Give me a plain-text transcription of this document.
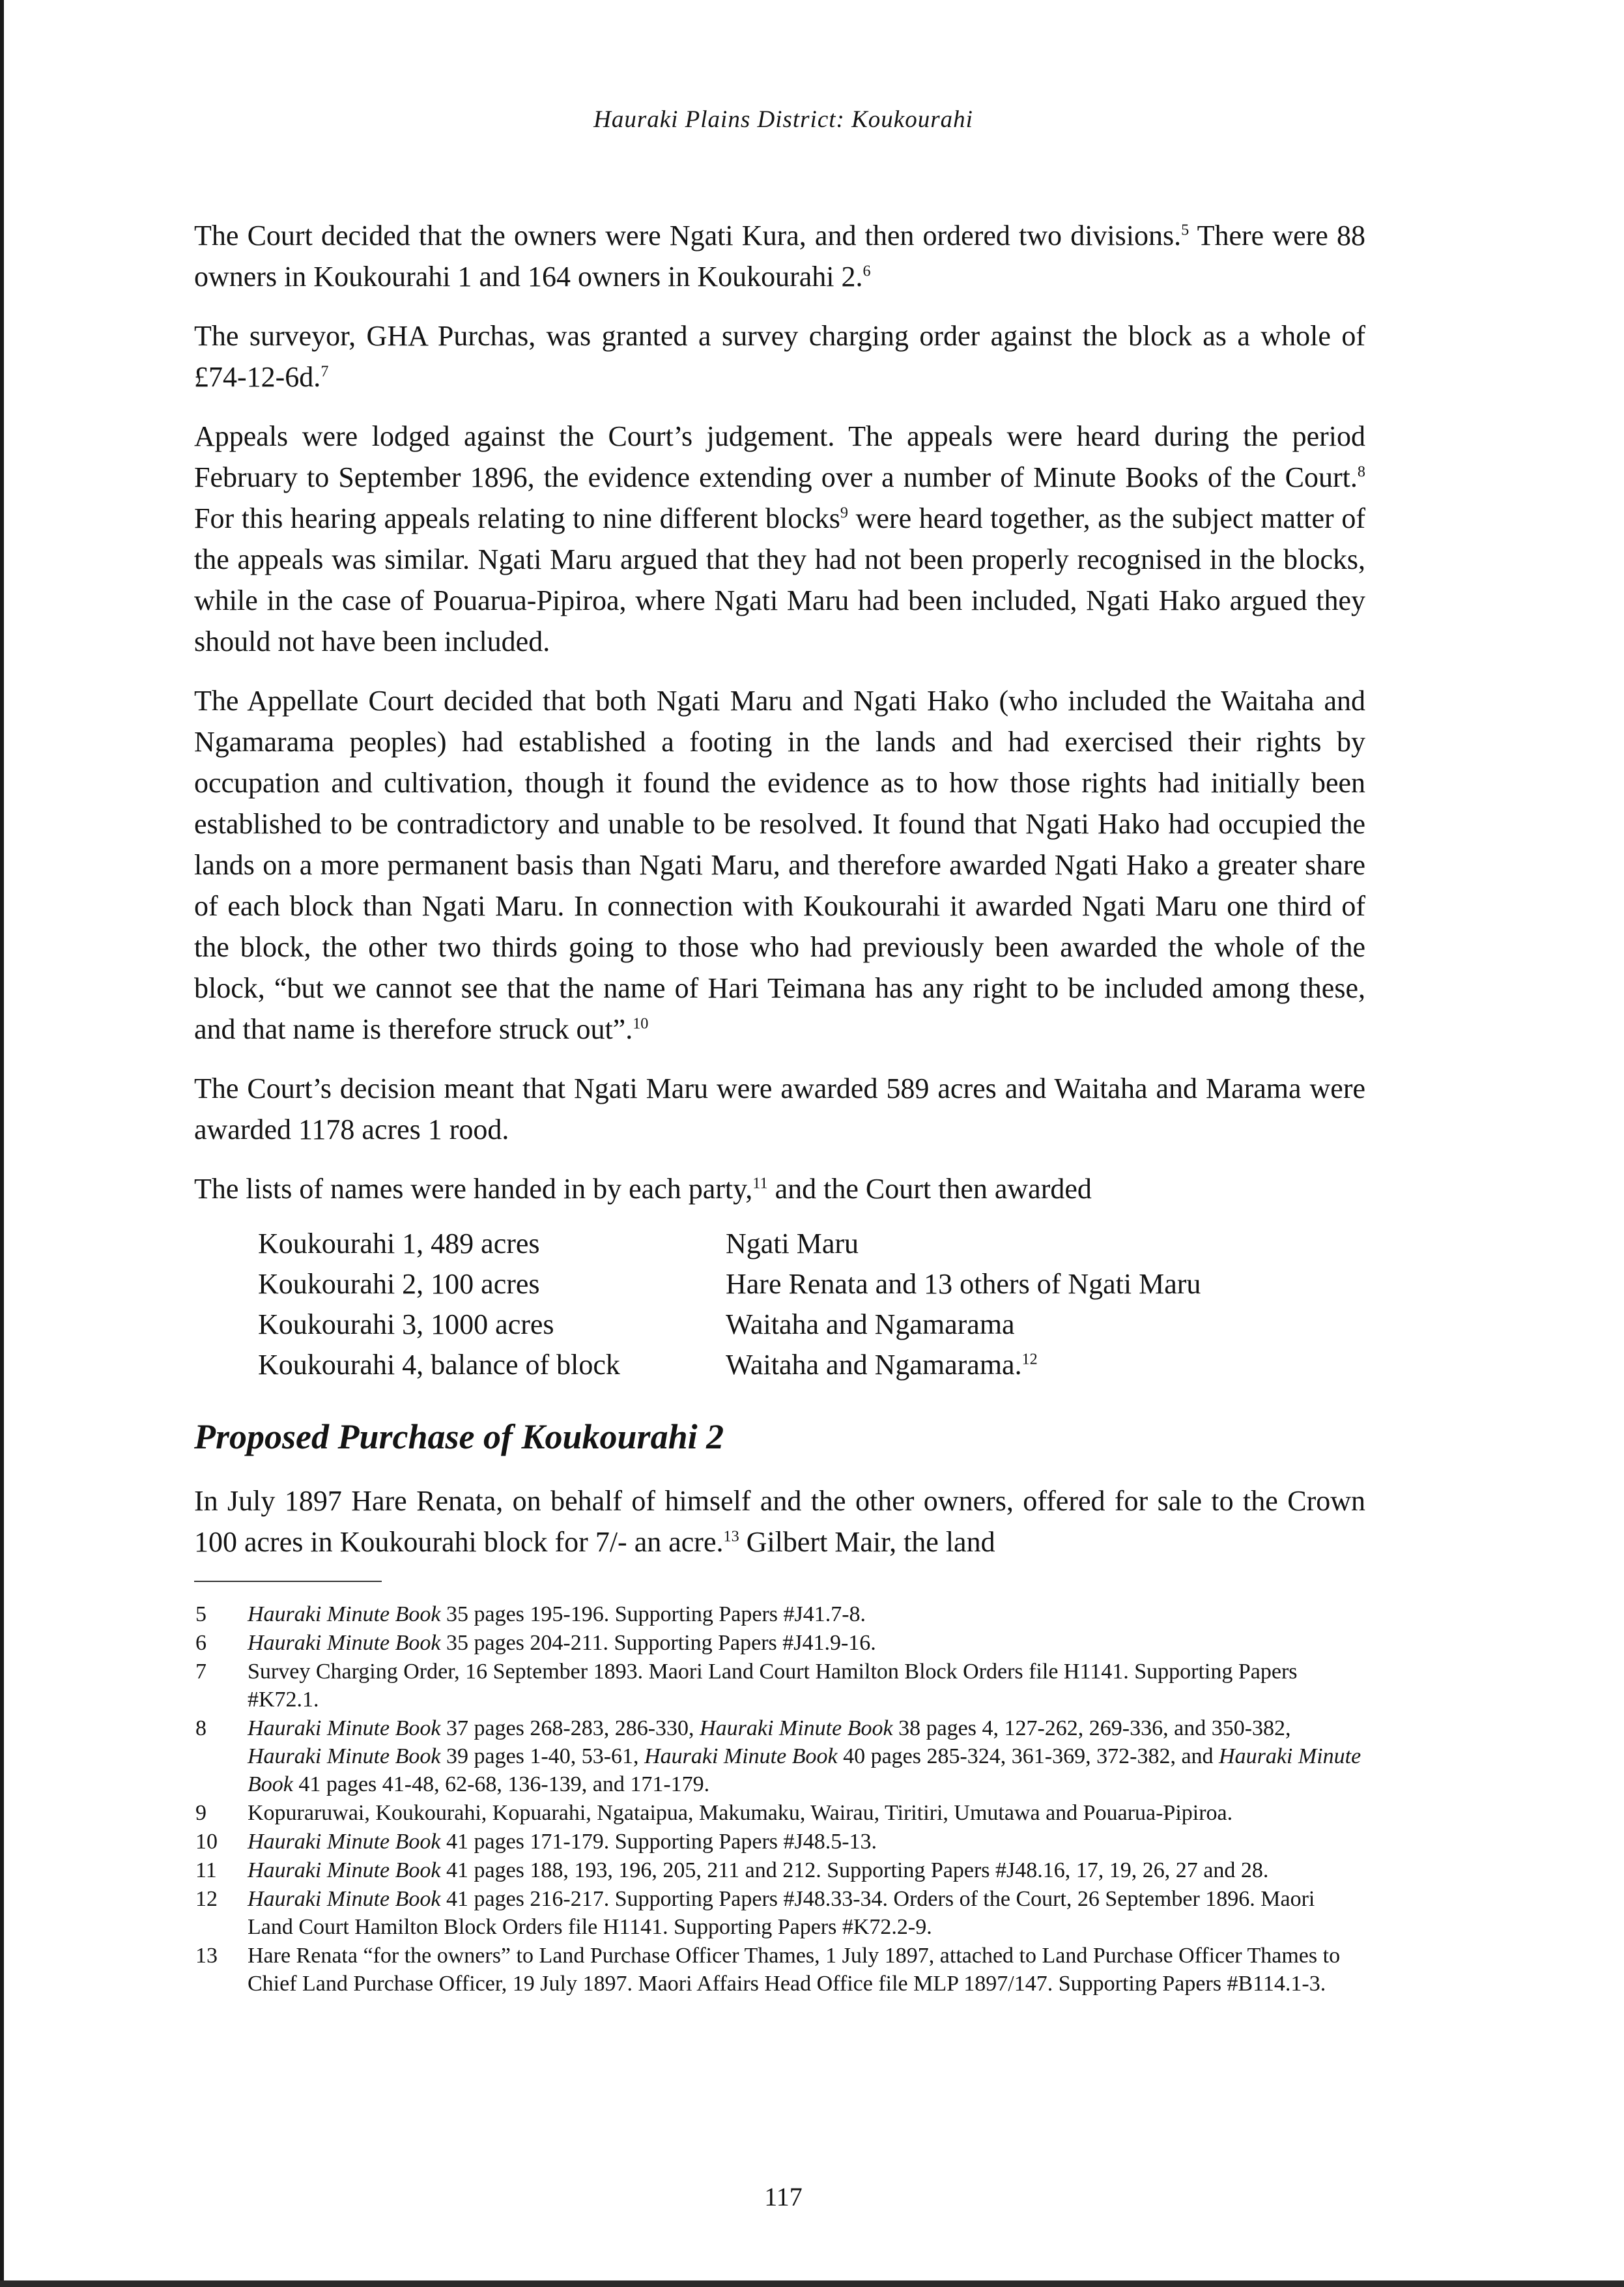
Hauraki Plains District: Koukourahi

The Court decided that the owners were Ngati Kura, and then ordered two divisions.$^5$ There were 88 owners in Koukourahi 1 and 164 owners in Koukourahi 2.$^6$

The surveyor, GHA Purchas, was granted a survey charging order against the block as a whole of £74-12-6d.$^7$

Appeals were lodged against the Court’s judgement. The appeals were heard during the period February to September 1896, the evidence extending over a number of Minute Books of the Court.$^8$ For this hearing appeals relating to nine different blocks$^9$ were heard together, as the subject matter of the appeals was similar. Ngati Maru argued that they had not been properly recognised in the blocks, while in the case of Pouarua-Pipiroa, where Ngati Maru had been included, Ngati Hako argued they should not have been included.

The Appellate Court decided that both Ngati Maru and Ngati Hako (who included the Waitaha and Ngamarama peoples) had established a footing in the lands and had exercised their rights by occupation and cultivation, though it found the evidence as to how those rights had initially been established to be contradictory and unable to be resolved. It found that Ngati Hako had occupied the lands on a more permanent basis than Ngati Maru, and therefore awarded Ngati Hako a greater share of each block than Ngati Maru. In connection with Koukourahi it awarded Ngati Maru one third of the block, the other two thirds going to those who had previously been awarded the whole of the block, “but we cannot see that the name of Hari Teimana has any right to be included among these, and that name is therefore struck out”.$^{10}$

The Court’s decision meant that Ngati Maru were awarded 589 acres and Waitaha and Marama were awarded 1178 acres 1 rood.

The lists of names were handed in by each party,$^{11}$ and the Court then awarded

Koukourahi 1, 489 acres	Ngati Maru
Koukourahi 2, 100 acres	Hare Renata and 13 others of Ngati Maru
Koukourahi 3, 1000 acres	Waitaha and Ngamarama
Koukourahi 4, balance of block	Waitaha and Ngamarama.$^{12}$
Proposed Purchase of Koukourahi 2

In July 1897 Hare Renata, on behalf of himself and the other owners, offered for sale to the Crown 100 acres in Koukourahi block for 7/- an acre.$^{13}$ Gilbert Mair, the land

5	Hauraki Minute Book 35 pages 195-196. Supporting Papers #J41.7-8.
6	Hauraki Minute Book 35 pages 204-211. Supporting Papers #J41.9-16.
7	Survey Charging Order, 16 September 1893. Maori Land Court Hamilton Block Orders file H1141. Supporting Papers #K72.1.
8	Hauraki Minute Book 37 pages 268-283, 286-330, Hauraki Minute Book 38 pages 4, 127-262, 269-336, and 350-382, Hauraki Minute Book 39 pages 1-40, 53-61, Hauraki Minute Book 40 pages 285-324, 361-369, 372-382, and Hauraki Minute Book 41 pages 41-48, 62-68, 136-139, and 171-179.
9	Kopuraruwai, Koukourahi, Kopuarahi, Ngataipua, Makumaku, Wairau, Tiritiri, Umutawa and Pouarua-Pipiroa.
10	Hauraki Minute Book 41 pages 171-179. Supporting Papers #J48.5-13.
11	Hauraki Minute Book 41 pages 188, 193, 196, 205, 211 and 212. Supporting Papers #J48.16, 17, 19, 26, 27 and 28.
12	Hauraki Minute Book 41 pages 216-217. Supporting Papers #J48.33-34. Orders of the Court, 26 September 1896. Maori Land Court Hamilton Block Orders file H1141. Supporting Papers #K72.2-9.
13	Hare Renata “for the owners” to Land Purchase Officer Thames, 1 July 1897, attached to Land Purchase Officer Thames to Chief Land Purchase Officer, 19 July 1897. Maori Affairs Head Office file MLP 1897/147. Supporting Papers #B114.1-3.
117
